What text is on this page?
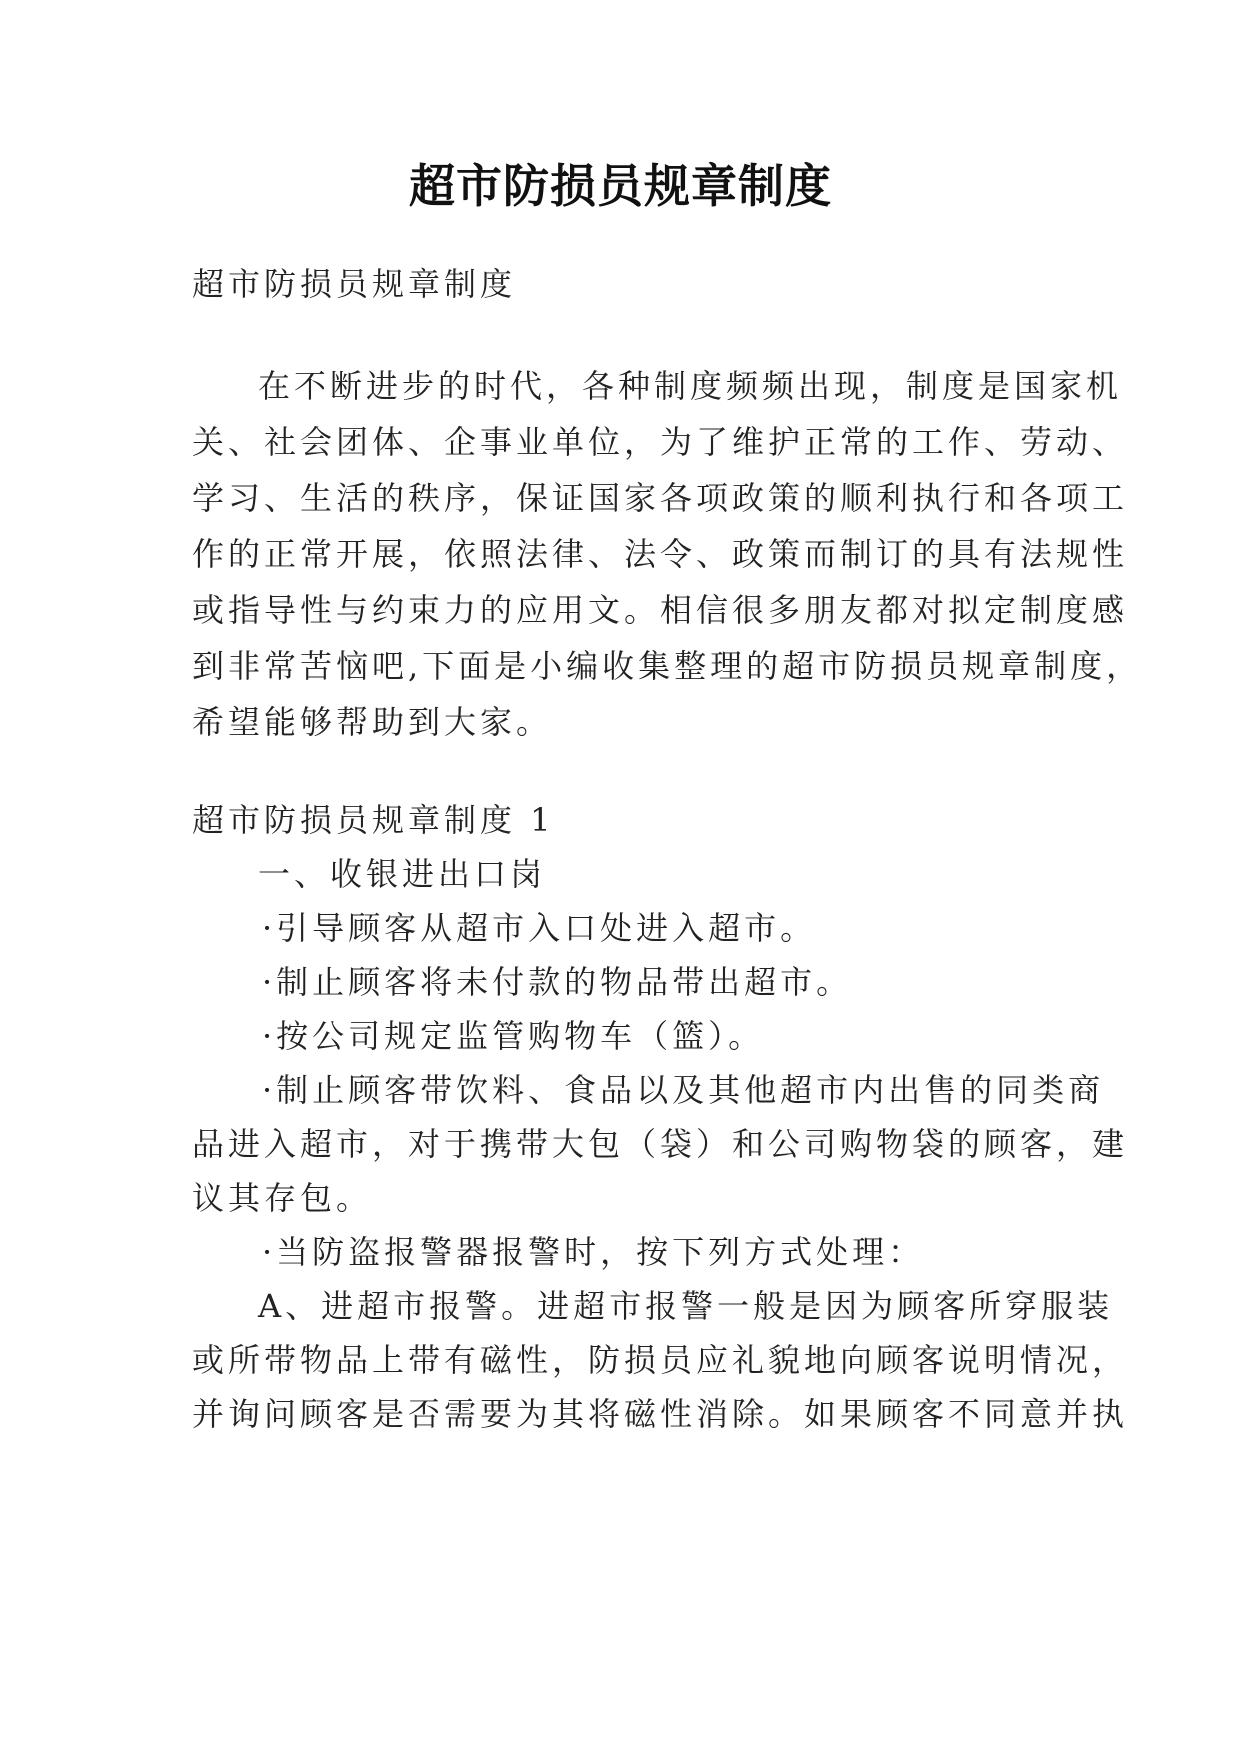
超市防损员规章制度

超市防损员规章制度

在不断进步的时代，各种制度频频出现，制度是国家机

关、社会团体、企事业单位，为了维护正常的工作、劳动、

学习、生活的秩序，保证国家各项政策的顺利执行和各项工

作的正常开展，依照法律、法令、政策而制订的具有法规性

或指导性与约束力的应用文。相信很多朋友都对拟定制度感

到非常苦恼吧,下面是小编收集整理的超市防损员规章制度，

希望能够帮助到大家。

超市防损员规章制度 1

一、收银进出口岗

·引导顾客从超市入口处进入超市。

·制止顾客将未付款的物品带出超市。

·按公司规定监管购物车（篮）。

·制止顾客带饮料、食品以及其他超市内出售的同类商

品进入超市，对于携带大包（袋）和公司购物袋的顾客，建

议其存包。

·当防盗报警器报警时，按下列方式处理：

A、进超市报警。进超市报警一般是因为顾客所穿服装

或所带物品上带有磁性，防损员应礼貌地向顾客说明情况，

并询问顾客是否需要为其将磁性消除。如果顾客不同意并执
